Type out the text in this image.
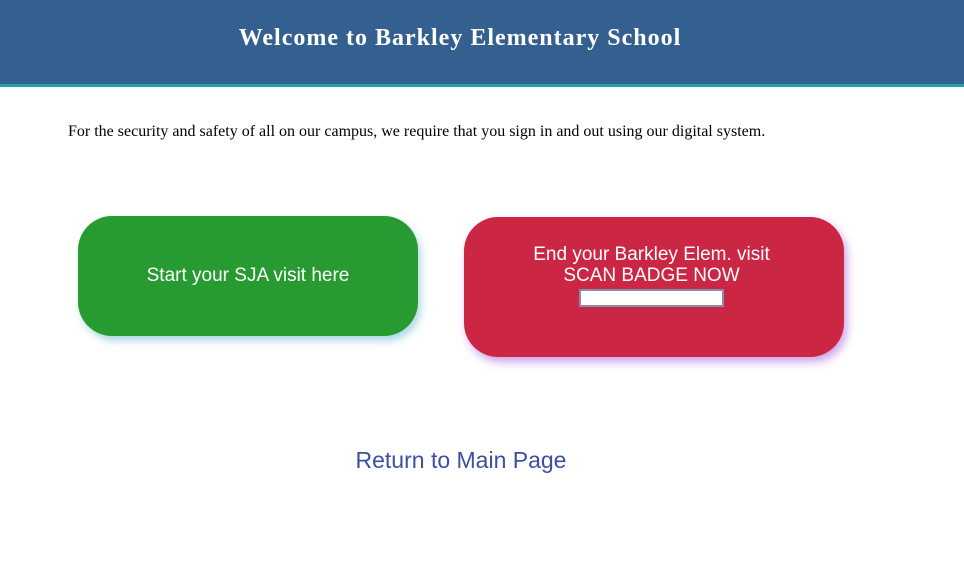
Welcome to Barkley Elementary School
For the security and safety of all on our campus, we require that you sign in and out using our digital system.
Start your SJA visit here
End your Barkley Elem. visit
SCAN BADGE NOW
Return to Main Page
